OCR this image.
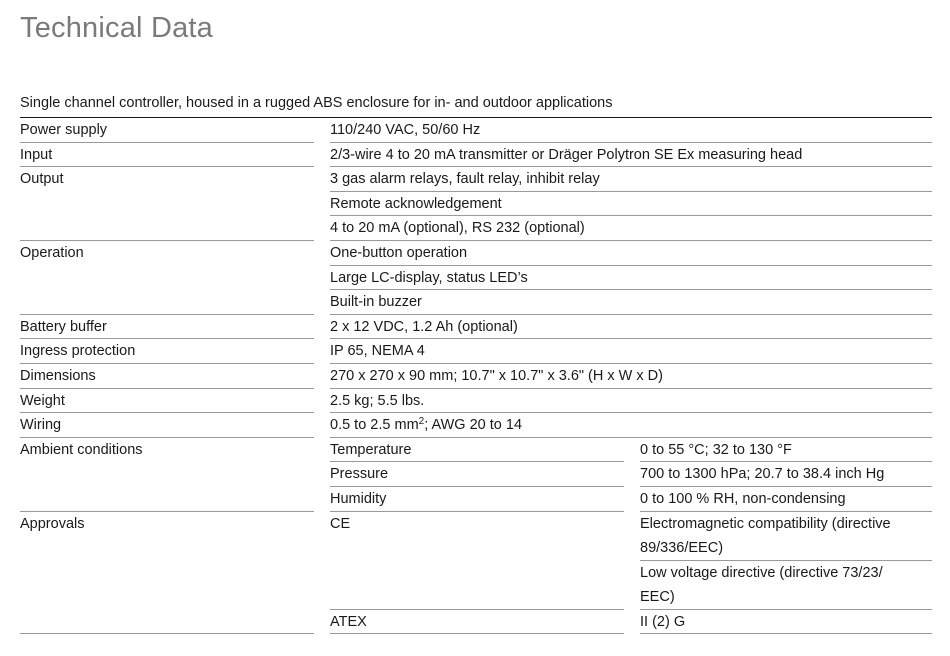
Technical Data
Single channel controller, housed in a rugged ABS enclosure for in- and outdoor applications
Power supply	110/240 VAC, 50/60 Hz
Input	2/3-wire 4 to 20 mA transmitter or Dräger Polytron SE Ex measuring head
Output	3 gas alarm relays, fault relay, inhibit relay
Remote acknowledgement
4 to 20 mA (optional), RS 232 (optional)
Operation	One-button operation
Large LC-display, status LED’s
Built-in buzzer
Battery buffer	2 x 12 VDC, 1.2 Ah (optional)
Ingress protection	IP 65, NEMA 4
Dimensions	270 x 270 x 90 mm; 10.7" x 10.7" x 3.6" (H x W x D)
Weight	2.5 kg; 5.5 lbs.
Wiring	0.5 to 2.5 $mm^2$; AWG 20 to 14
Ambient conditions	Temperature	0 to 55 °C; 32 to 130 °F
Pressure	700 to 1300 hPa; 20.7 to 38.4 inch Hg
Humidity	0 to 100 % RH, non-condensing
Approvals	CE	Electromagnetic compatibility (directive
89/336/EEC)
Low voltage directive (directive 73/23/
EEC)
ATEX	II (2) G
